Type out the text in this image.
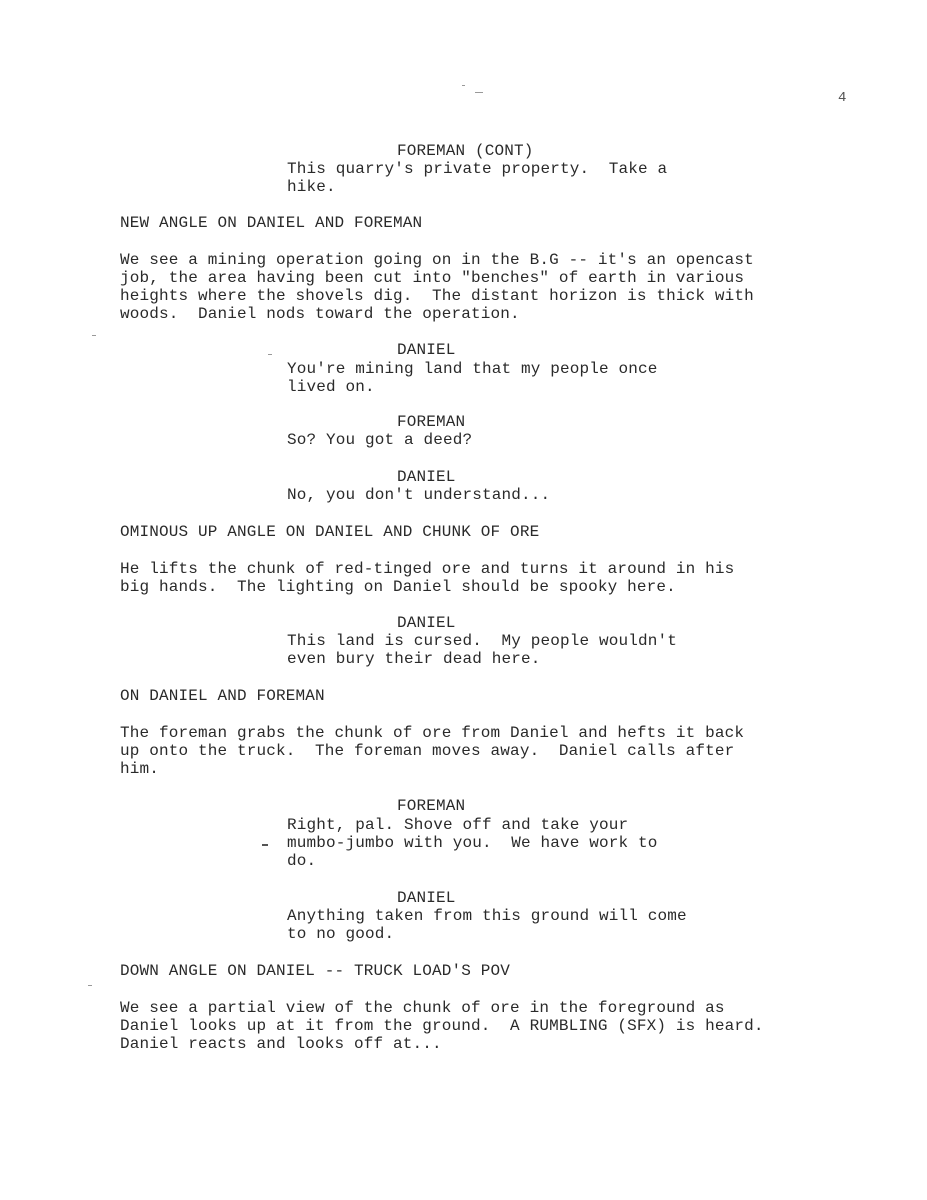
4
FOREMAN (CONT)
This quarry's private property.  Take a
hike.
NEW ANGLE ON DANIEL AND FOREMAN
We see a mining operation going on in the B.G -- it's an opencast
job, the area having been cut into "benches" of earth in various
heights where the shovels dig.  The distant horizon is thick with
woods.  Daniel nods toward the operation.
DANIEL
You're mining land that my people once
lived on.
FOREMAN
So? You got a deed?
DANIEL
No, you don't understand...
OMINOUS UP ANGLE ON DANIEL AND CHUNK OF ORE
He lifts the chunk of red-tinged ore and turns it around in his
big hands.  The lighting on Daniel should be spooky here.
DANIEL
This land is cursed.  My people wouldn't
even bury their dead here.
ON DANIEL AND FOREMAN
The foreman grabs the chunk of ore from Daniel and hefts it back
up onto the truck.  The foreman moves away.  Daniel calls after
him.
FOREMAN
Right, pal. Shove off and take your
mumbo-jumbo with you.  We have work to
do.
DANIEL
Anything taken from this ground will come
to no good.
DOWN ANGLE ON DANIEL -- TRUCK LOAD'S POV
We see a partial view of the chunk of ore in the foreground as
Daniel looks up at it from the ground.  A RUMBLING (SFX) is heard.
Daniel reacts and looks off at...
